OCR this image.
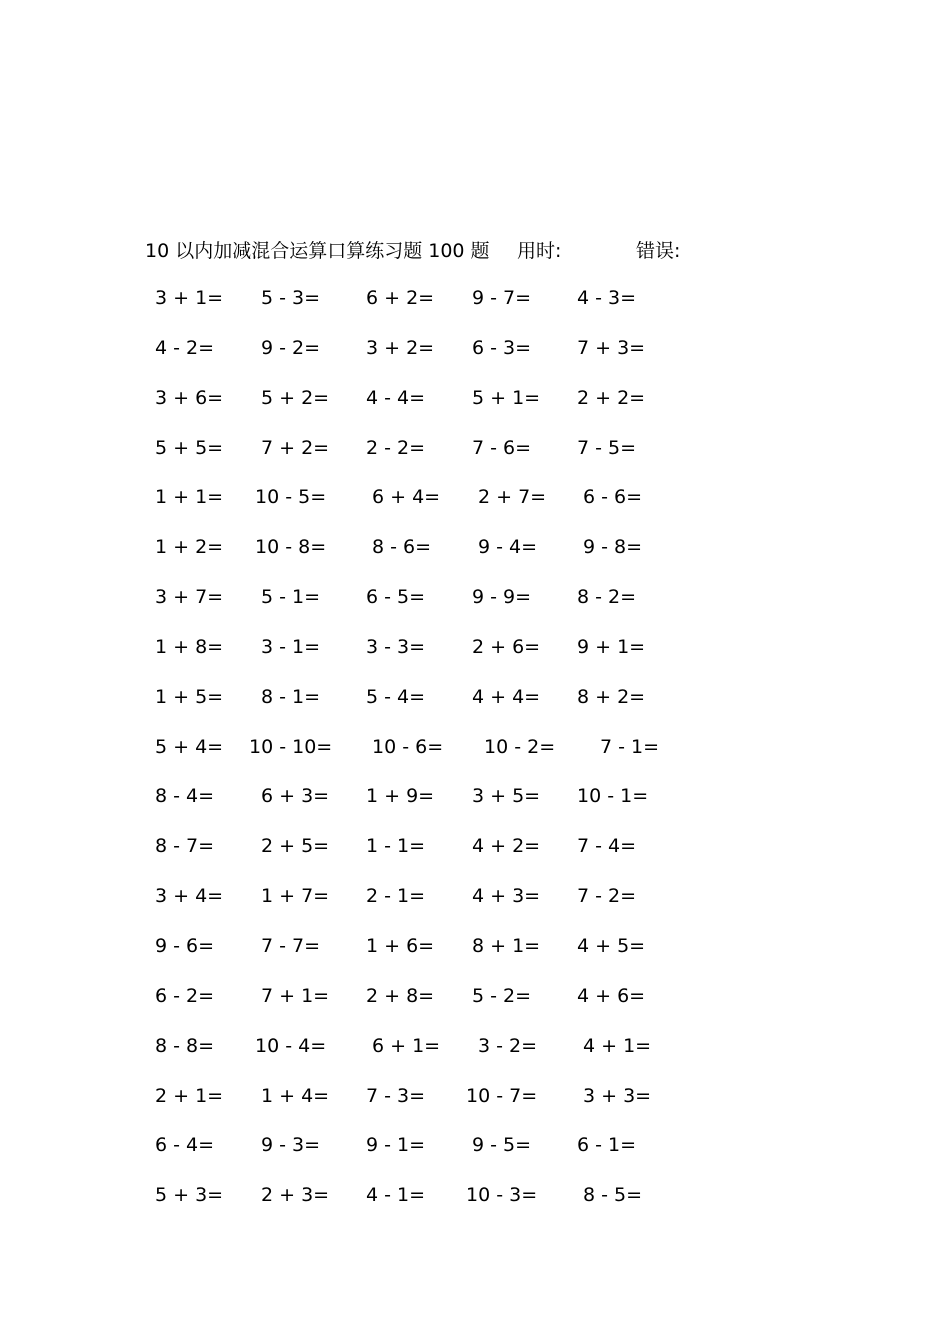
10 以内加减混合运算口算练习题 100 题 用时:	错误:
3 + 1= 5 - 3= 6 + 2= 9 - 7= 4 - 3=
4 - 2= 9 - 2= 3 + 2= 6 - 3= 7 + 3=
3 + 6= 5 + 2= 4 - 4= 5 + 1= 2 + 2=
5 + 5= 7 + 2= 2 - 2= 7 - 6= 7 - 5=
1 + 1= 10 - 5= 6 + 4= 2 + 7= 6 - 6=
1 + 2= 10 - 8= 8 - 6= 9 - 4= 9 - 8=
3 + 7= 5 - 1= 6 - 5= 9 - 9= 8 - 2=
1 + 8= 3 - 1= 3 - 3= 2 + 6= 9 + 1=
1 + 5= 8 - 1= 5 - 4= 4 + 4= 8 + 2=
5 + 4= 10 - 10= 10 - 6= 10 - 2= 7 - 1=
8 - 4= 6 + 3= 1 + 9= 3 + 5= 10 - 1=
8 - 7= 2 + 5= 1 - 1= 4 + 2= 7 - 4=
3 + 4= 1 + 7= 2 - 1= 4 + 3= 7 - 2=
9 - 6= 7 - 7= 1 + 6= 8 + 1= 4 + 5=
6 - 2= 7 + 1= 2 + 8= 5 - 2= 4 + 6=
8 - 8= 10 - 4= 6 + 1= 3 - 2= 4 + 1=
2 + 1= 1 + 4= 7 - 3= 10 - 7= 3 + 3=
6 - 4= 9 - 3= 9 - 1= 9 - 5= 6 - 1=
5 + 3= 2 + 3= 4 - 1= 10 - 3= 8 - 5=
